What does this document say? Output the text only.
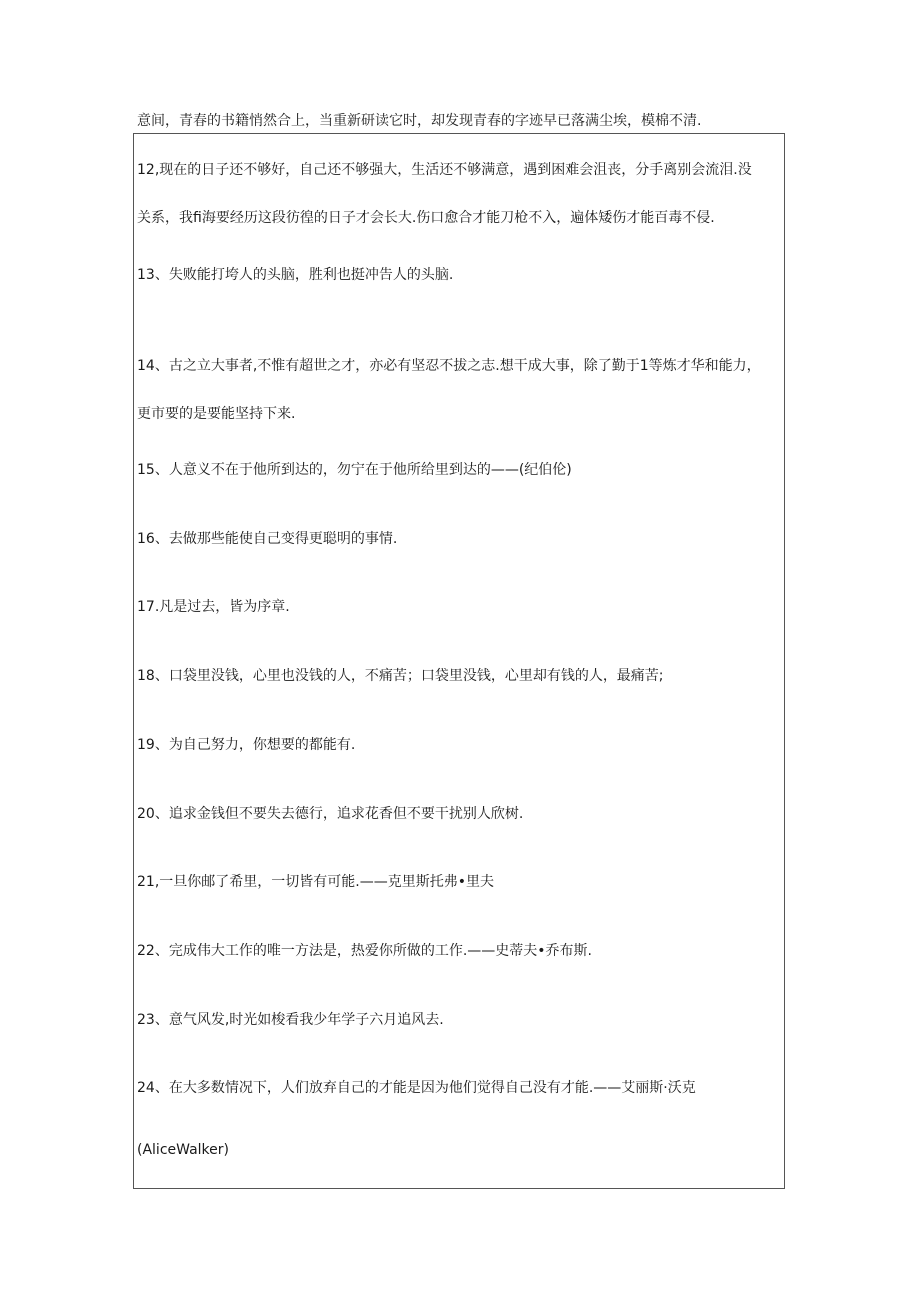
意间，青春的书籍悄然合上，当重新研读它时，却发现青春的字迹早已落满尘埃，模棉不清.
12,现在的日子还不够好，自己还不够强大，生活还不够满意，遇到困难会沮丧，分手离别会流泪.没
关系，我fi海要经历这段彷徨的日子才会长大.伤口愈合才能刀枪不入，遍体矮伤才能百毒不侵.
13、失败能打垮人的头脑，胜利也挺冲告人的头脑.
14、古之立大事者,不惟有超世之才，亦必有坚忍不拔之志.想干成大事，除了勤于1等炼才华和能力，
更市要的是要能坚持下来.
15、人意义不在于他所到达的，勿宁在于他所给里到达的——(纪伯伦)
16、去做那些能使自己变得更聪明的事情.
17.凡是过去，皆为序章.
18、口袋里没钱，心里也没钱的人，不痛苦；口袋里没钱，心里却有钱的人，最痛苦;
19、为自己努力，你想要的都能有.
20、追求金钱但不要失去德行，追求花香但不要干扰别人欣树.
21,一旦你邮了希里，一切皆有可能.——克里斯托弗•里夫
22、完成伟大工作的唯一方法是，热爱你所做的工作.——史蒂夫•乔布斯.
23、意气风发,时光如梭看我少年学子六月追风去.
24、在大多数情况下，人们放弃自己的才能是因为他们觉得自己没有才能.——艾丽斯·沃克
(AliceWalker)
